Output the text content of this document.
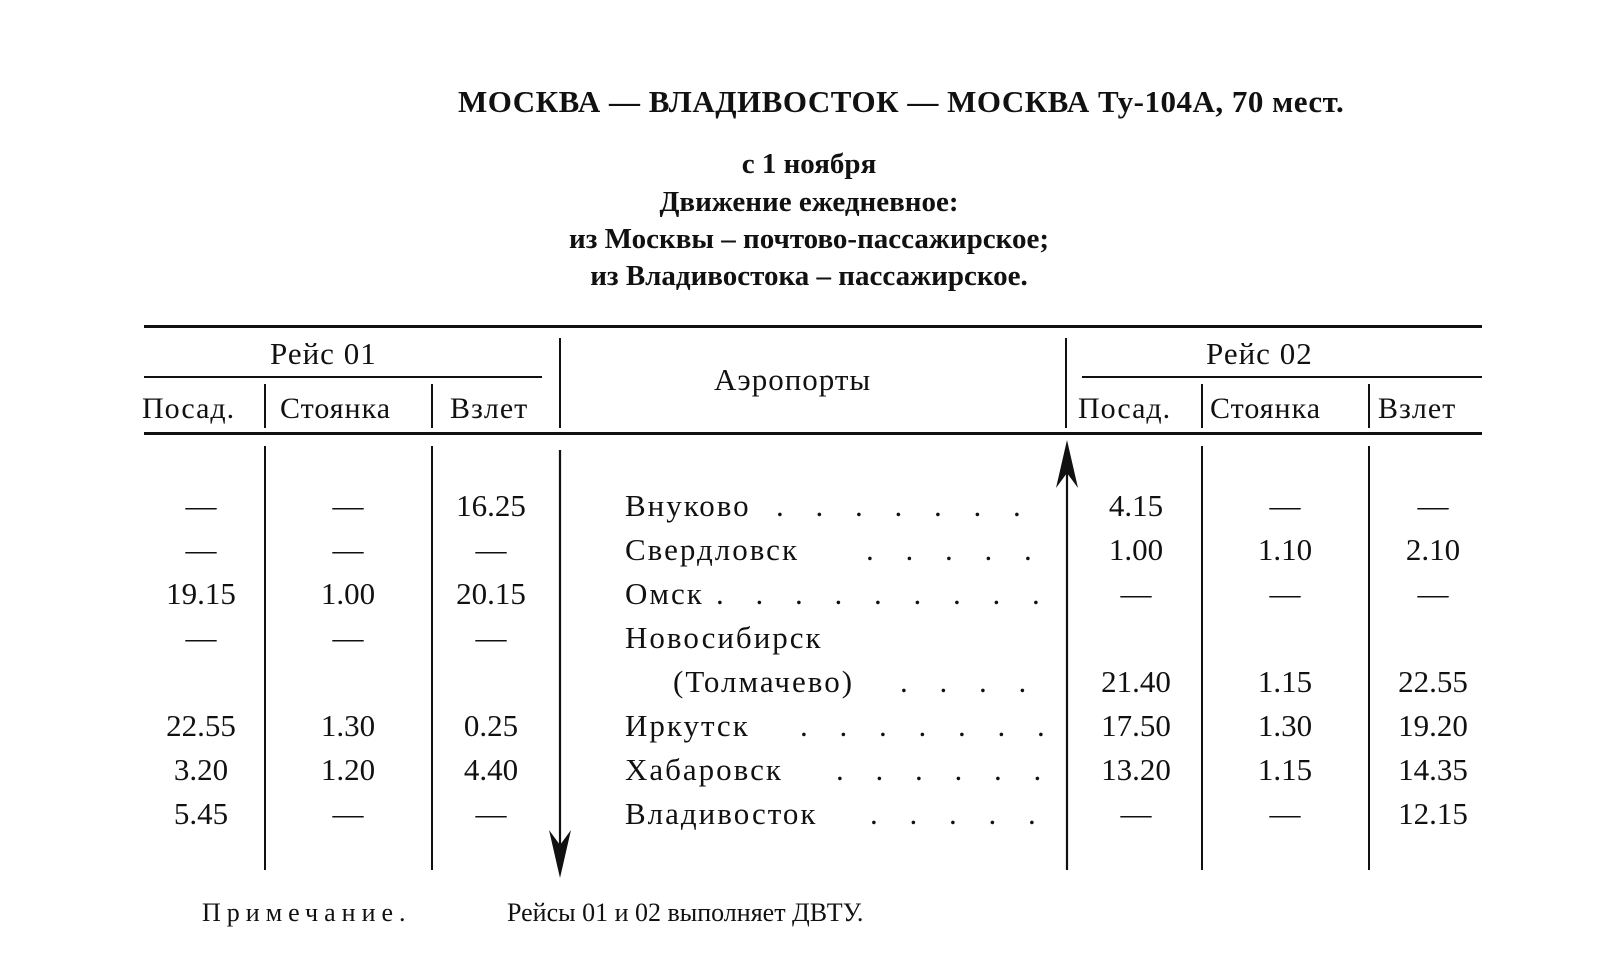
МОСКВА — ВЛАДИВОСТОК — МОСКВА Ту-104А, 70 мест.
с 1 ноября
Движение ежедневное:
из Москвы – почтово-пассажирское;
из Владивостока – пассажирское.
Рейс 01	Рейс 02
Аэропорты
Посад. Стоянка Взлет	Посад. Стоянка Взлет
—	—	16.25	Внуково . . . . . . .	4.15	—	—
—	—	—	Свердловск . . . . .	1.00	1.10	2.10
19.15	1.00	20.15	Омск . . . . . . . . .	—	—	—
—	—	—	Новосибирск
(Толмачево) . . . .	21.40	1.15	22.55
22.55	1.30	0.25	Иркутск . . . . . . .	17.50	1.30	19.20
3.20	1.20	4.40	Хабаровск . . . . . .	13.20	1.15	14.35
5.45	—	—	Владивосток . . . . .	—	—	12.15
Примечание.	Рейсы 01 и 02 выполняет ДВТУ.
